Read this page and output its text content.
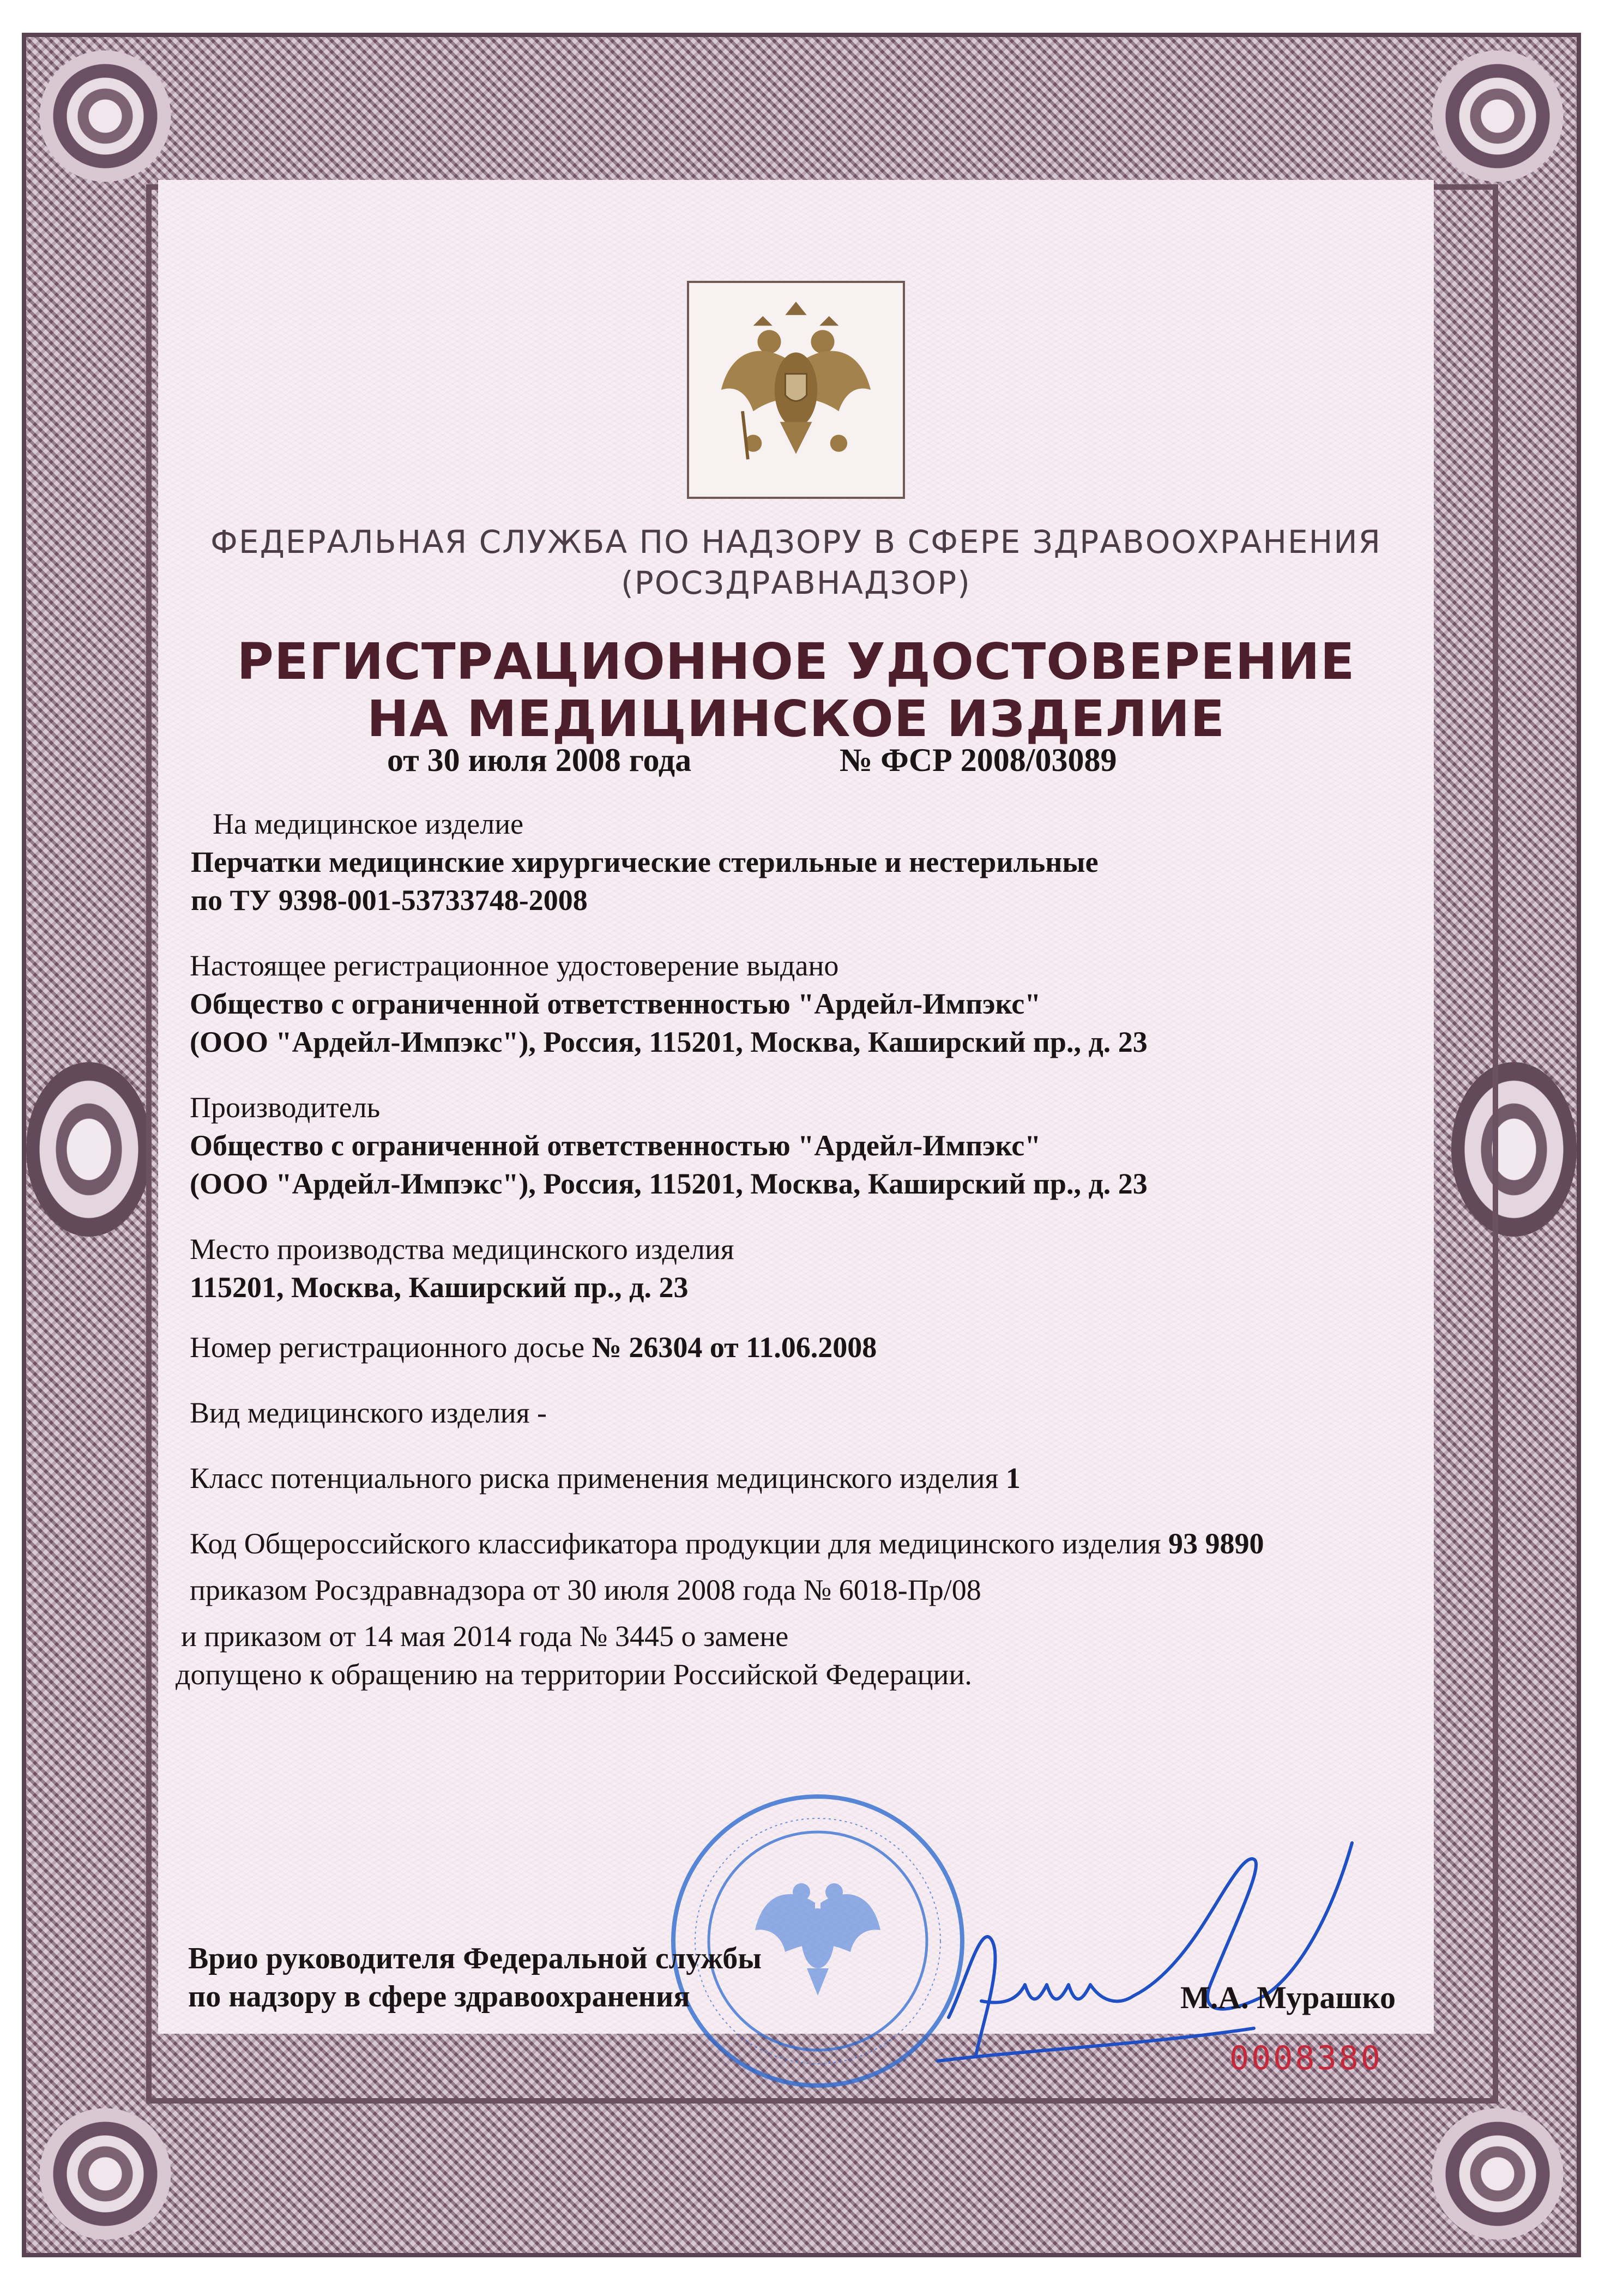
ФЕДЕРАЛЬНАЯ СЛУЖБА ПО НАДЗОРУ В СФЕРЕ ЗДРАВООХРАНЕНИЯ
(РОСЗДРАВНАДЗОР)
РЕГИСТРАЦИОННОЕ УДОСТОВЕРЕНИЕ
НА МЕДИЦИНСКОЕ ИЗДЕЛИЕ
от 30 июля 2008 года	№ ФСР 2008/03089
На медицинское изделие
Перчатки медицинские хирургические стерильные и нестерильные
по ТУ 9398-001-53733748-2008
Настоящее регистрационное удостоверение выдано
Общество с ограниченной ответственностью "Ардейл-Импэкс"
(ООО "Ардейл-Импэкс"), Россия, 115201, Москва, Каширский пр., д. 23
Производитель
Общество с ограниченной ответственностью "Ардейл-Импэкс"
(ООО "Ардейл-Импэкс"), Россия, 115201, Москва, Каширский пр., д. 23
Место производства медицинского изделия
115201, Москва, Каширский пр., д. 23
Номер регистрационного досье № 26304 от 11.06.2008
Вид медицинского изделия -
Класс потенциального риска применения медицинского изделия 1
Код Общероссийского классификатора продукции для медицинского изделия 93 9890
приказом Росздравнадзора от 30 июля 2008 года № 6018-Пр/08
и приказом от 14 мая 2014 года № 3445 о замене
допущено к обращению на территории Российской Федерации.
Врио руководителя Федеральной службы
по надзору в сфере здравоохранения	М.А. Мурашко
0008380
